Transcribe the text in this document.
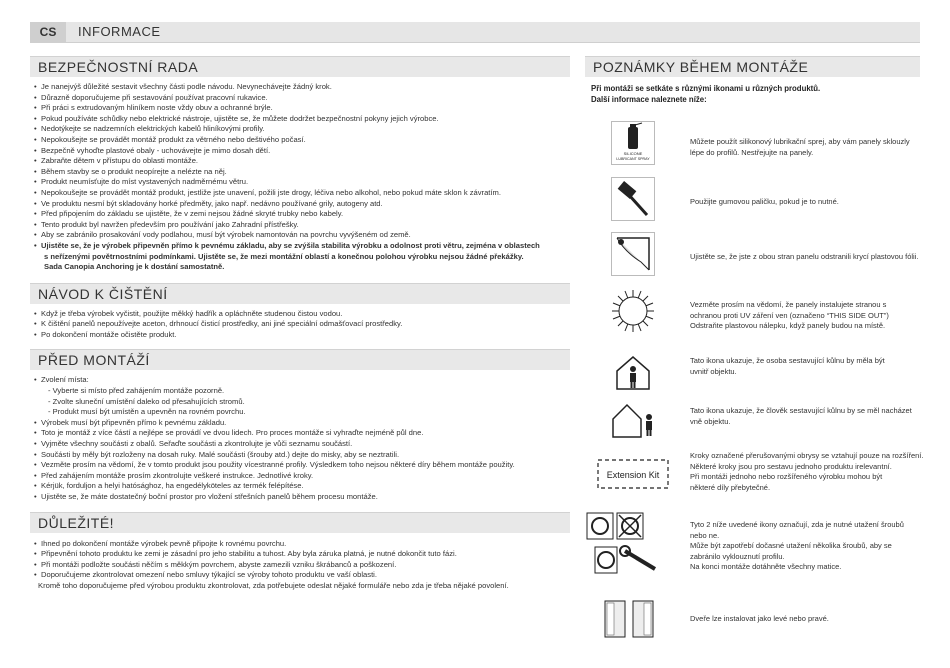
CS	INFORMACE
BEZPEČNOSTNÍ RADA
• Je nanejvýš důležité sestavit všechny části podle návodu. Nevynechávejte žádný krok.
• Důrazně doporučujeme při sestavování používat pracovní rukavice.
• Při práci s extrudovaným hliníkem noste vždy obuv a ochranné brýle.
• Pokud používáte schůdky nebo elektrické nástroje, ujistěte se, že můžete dodržet bezpečnostní pokyny jejich výrobce.
• Nedotýkejte se nadzemních elektrických kabelů hliníkovými profily.
• Nepokoušejte se provádět montáž produkt za větrného nebo deštivého počasí.
• Bezpečně vyhoďte plastové obaly - uchovávejte je mimo dosah dětí.
• Zabraňte dětem v přístupu do oblasti montáže.
• Během stavby se o produkt neopírejte a nelézte na něj.
• Produkt neumísťujte do míst vystavených nadměrnému větru.
• Nepokoušejte se provádět montáž produkt, jestliže jste unavení, požili jste drogy, léčiva nebo alkohol, nebo pokud máte sklon k závratím.
• Ve produktu nesmí být skladovány horké předměty, jako např. nedávno používané grily, autogeny atd.
• Před připojením do základu se ujistěte, že v zemi nejsou žádné skryté trubky nebo kabely.
• Tento produkt byl navržen především pro používání jako Zahradní přístřešky.
• Aby se zabránilo prosakování vody podlahou, musí být výrobek namontován na povrchu vyvýšeném od země.
• Ujistěte se, že je výrobek připevněn přímo k pevnému základu, aby se zvýšila stabilita výrobku a odolnost proti větru, zejména v oblastech
s neřízenými povětrnostními podmínkami. Ujistěte se, že mezi montážní oblastí a konečnou polohou výrobku nejsou žádné překážky.
Sada Canopia Anchoring je k dostání samostatně.
NÁVOD K ČIŠTĚNÍ
• Když je třeba výrobek vyčistit, použijte měkký hadřík a opláchněte studenou čistou vodou.
• K čištění panelů nepoužívejte aceton, drhnoucí čisticí prostředky, ani jiné speciální odmašťovací prostředky.
• Po dokončení montáže očistěte produkt.
PŘED MONTÁŽÍ
• Zvolení místa:
- Vyberte si místo před zahájením montáže pozorně.
- Zvolte sluneční umístění daleko od přesahujících stromů.
- Produkt musí být umístěn a upevněn na rovném povrchu.
• Výrobek musí být připevněn přímo k pevnému základu.
• Toto je montáž z více částí a nejlépe se provádí ve dvou lidech. Pro proces montáže si vyhraďte nejméně půl dne.
• Vyjměte všechny součásti z obalů. Seřaďte součásti a zkontrolujte je vůči seznamu součástí.
• Součásti by měly být rozloženy na dosah ruky. Malé součásti (šrouby atd.) dejte do misky, aby se neztratili.
• Vezměte prosím na vědomí, že v tomto produkt jsou použity vícestranné profily. Výsledkem toho nejsou některé díry během montáže použity.
• Před zahájením montáže prosím zkontrolujte veškeré instrukce. Jednotlivé kroky.
• Kérjük, fordulјon a helyi hatósághoz, ha engedélyköteles az termék felépítése.
• Ujistěte se, že máte dostatečný boční prostor pro vložení střešních panelů během procesu montáže.
DŮLEŽITÉ!
• Ihned po dokončení montáže výrobek pevně připojte k rovnému povrchu.
• Připevnění tohoto produktu ke zemi je zásadní pro jeho stabilitu a tuhost. Aby byla záruka platná, je nutné dokončit tuto fázi.
• Při montáži podložte součásti něčím s měkkým povrchem, abyste zamezili vzniku škrábanců a poškození.
• Doporučujeme zkontrolovat omezení nebo smluvy týkající se výroby tohoto produktu ve vaší oblasti.
Kromě toho doporučujeme před výrobou produktu zkontrolovat, zda potřebujete odeslat nějaké formuláře nebo zda je třeba nějaké povolení.
POZNÁMKY BĚHEM MONTÁŽE
Při montáži se setkáte s různými ikonami u různých produktů.
Další informace naleznete níže:
SILICONE
LUBRICANT SPRAY
Můžete použít silikonový lubrikační sprej, aby vám panely sklouzly
lépe do profilů. Nestřejujte na panely.
Použijte gumovou paličku, pokud je to nutné.
Ujistěte se, že jste z obou stran panelu odstranili krycí plastovou fólii.
Vezměte prosím na vědomí, že panely instalujete stranou s
ochranou proti UV záření ven (označeno “THIS SIDE OUT”)
Odstraňte plastovou nálepku, když panely budou na místě.
Tato ikona ukazuje, že osoba sestavující kůlnu by měla být
uvnitř objektu.
Tato ikona ukazuje, že člověk sestavující kůlnu by se měl nacházet
vně objektu.
Extension Kit
Kroky označené přerušovanými obrysy se vztahují pouze na rozšíření.
Některé kroky jsou pro sestavu jednoho produktu irelevantní.
Při montáži jednoho nebo rozšířeného výrobku mohou být
některé díly přebytečné.
Tyto 2 níže uvedené ikony označují, zda je nutné utažení šroubů
nebo ne.
Může být zapotřebí dočasné utažení několika šroubů, aby se
zabránilo vyklouznutí profilu.
Na konci montáže dotáhněte všechny matice.
Dveře lze instalovat jako levé nebo pravé.
